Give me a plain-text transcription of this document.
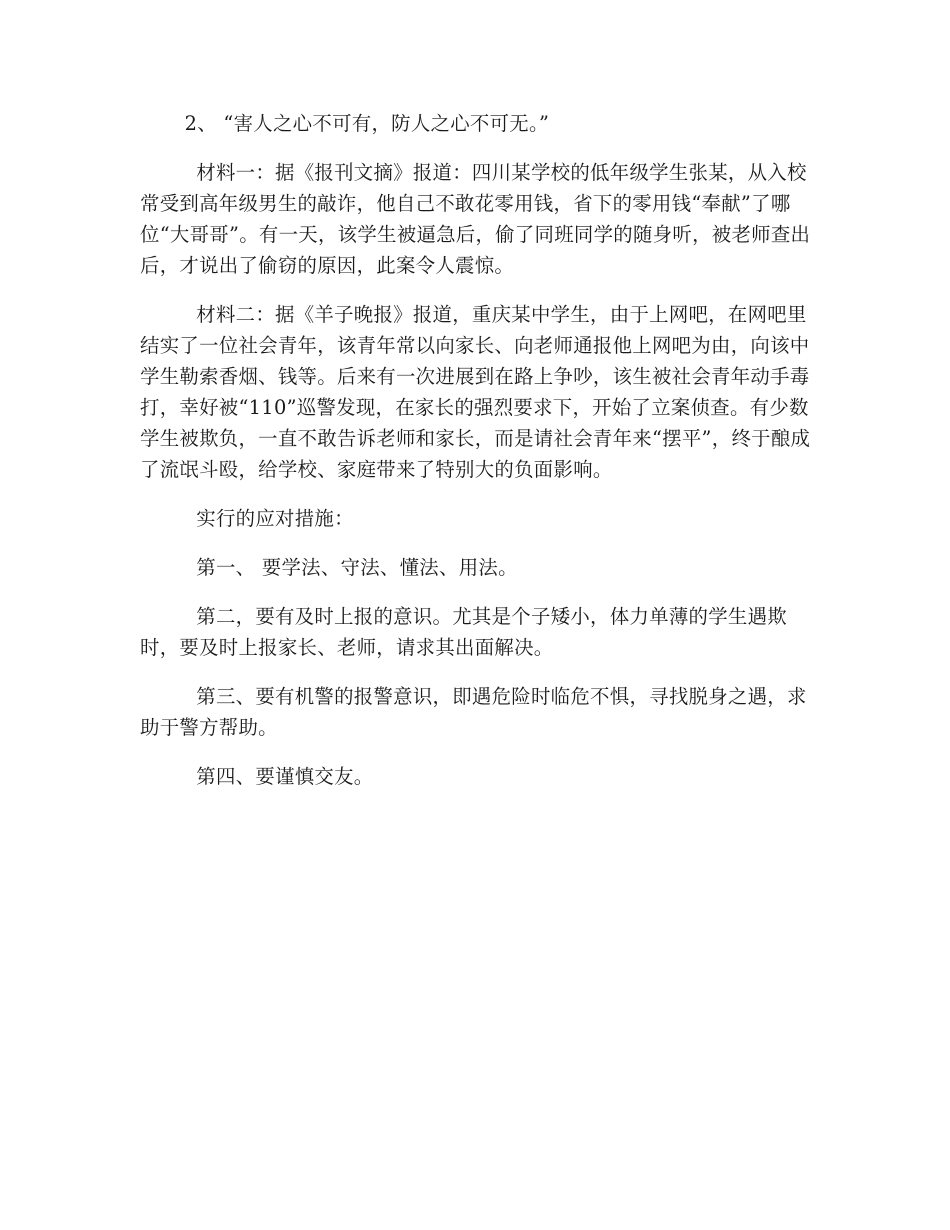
2、 “害人之心不可有，防人之心不可无。”

材料一：据《报刊文摘》报道：四川某学校的低年级学生张某，从入校常受到高年级男生的敲诈，他自己不敢花零用钱，省下的零用钱“奉献”了哪位“大哥哥”。有一天，该学生被逼急后，偷了同班同学的随身听，被老师查出后，才说出了偷窃的原因，此案令人震惊。

材料二：据《羊子晚报》报道，重庆某中学生，由于上网吧，在网吧里结实了一位社会青年，该青年常以向家长、向老师通报他上网吧为由，向该中学生勒索香烟、钱等。后来有一次进展到在路上争吵，该生被社会青年动手毒打，幸好被“110”巡警发现，在家长的强烈要求下，开始了立案侦查。有少数学生被欺负，一直不敢告诉老师和家长，而是请社会青年来“摆平”，终于酿成了流氓斗殴，给学校、家庭带来了特别大的负面影响。

实行的应对措施：

第一、 要学法、守法、懂法、用法。

第二，要有及时上报的意识。尤其是个子矮小，体力单薄的学生遇欺时，要及时上报家长、老师，请求其出面解决。

第三、要有机警的报警意识，即遇危险时临危不惧，寻找脱身之遇，求助于警方帮助。

第四、要谨慎交友。
